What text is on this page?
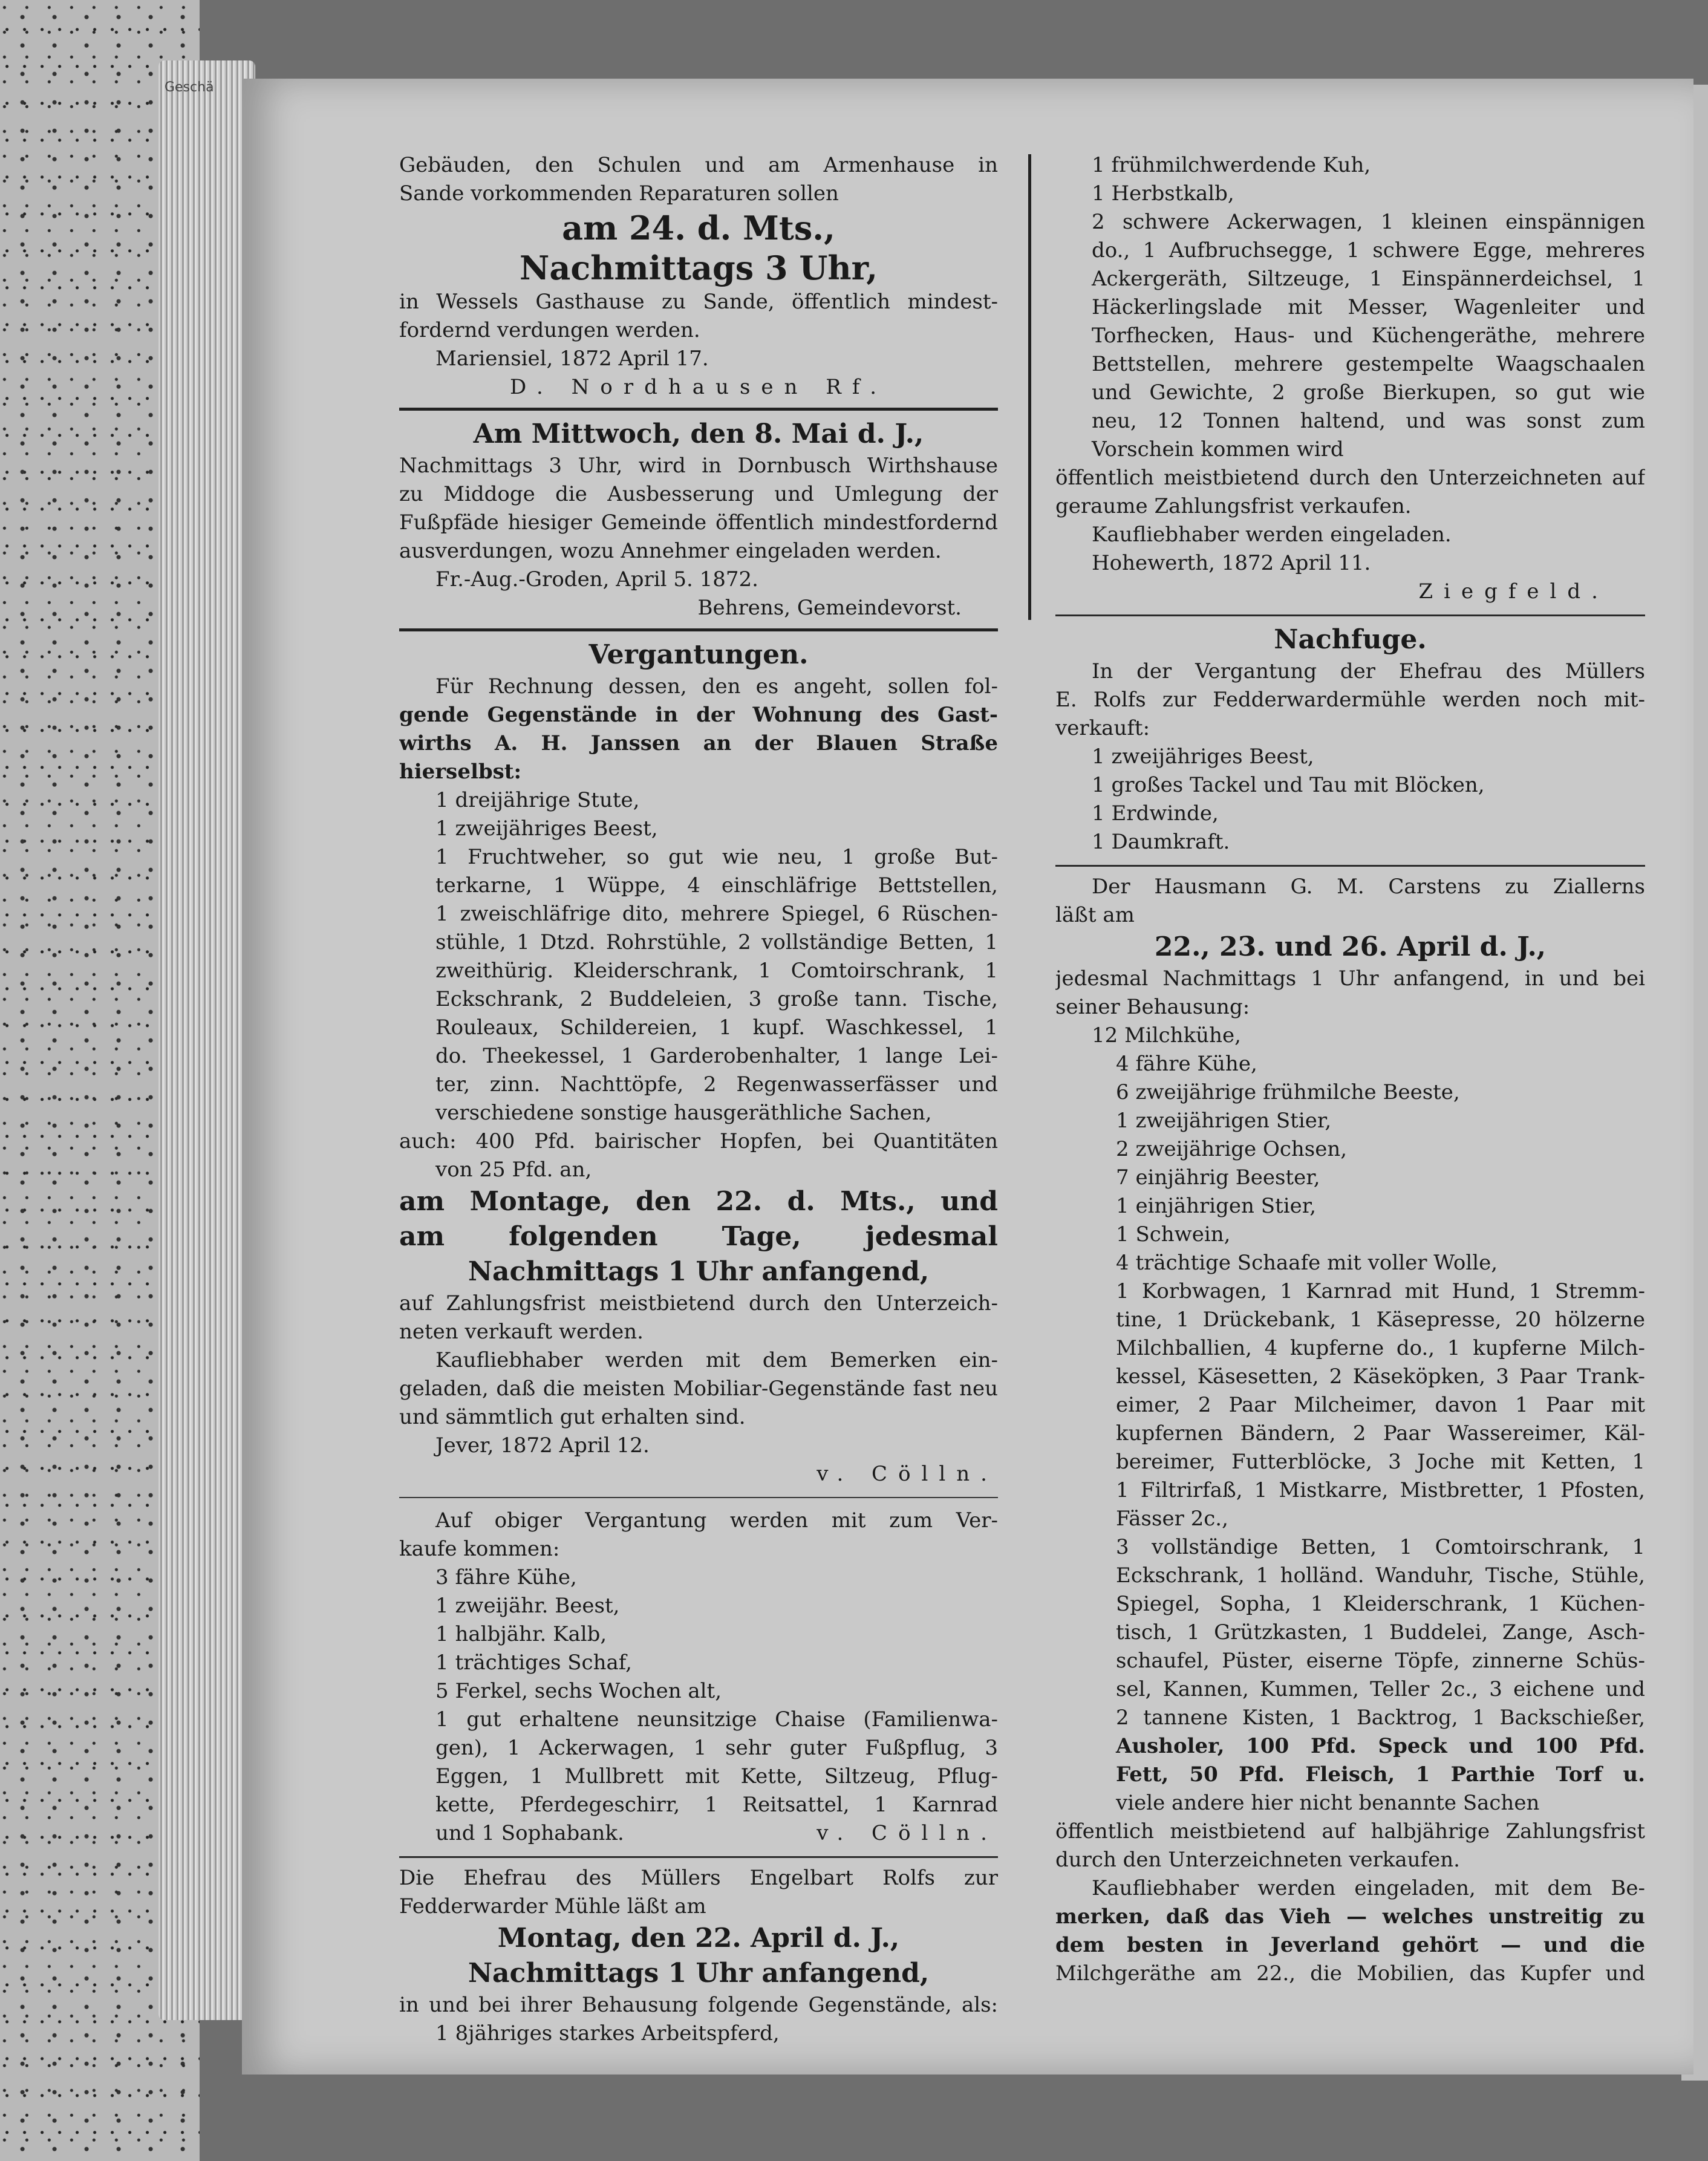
Geschä
Gebäuden, den Schulen und am Armenhause in
Sande vorkommenden Reparaturen sollen
am 24. d. Mts.,
Nachmittags 3 Uhr,
in Wessels Gasthause zu Sande, öffentlich mindest-
fordernd verdungen werden.
Mariensiel, 1872 April 17.
D. Nordhausen Rf.
Am Mittwoch, den 8. Mai d. J.,
Nachmittags 3 Uhr, wird in Dornbusch Wirthshause
zu Middoge die Ausbesserung und Umlegung der
Fußpfäde hiesiger Gemeinde öffentlich mindestfordernd
ausverdungen, wozu Annehmer eingeladen werden.
Fr.-Aug.-Groden, April 5. 1872.
Behrens, Gemeindevorst.
Vergantungen.
Für Rechnung dessen, den es angeht, sollen fol-
gende Gegenstände in der Wohnung des Gast-
wirths A. H. Janssen an der Blauen Straße
hierselbst:
1 dreijährige Stute,
1 zweijähriges Beest,
1 Fruchtweher, so gut wie neu, 1 große But-
terkarne, 1 Wüppe, 4 einschläfrige Bettstellen,
1 zweischläfrige dito, mehrere Spiegel, 6 Rüschen-
stühle, 1 Dtzd. Rohrstühle, 2 vollständige Betten, 1
zweithürig. Kleiderschrank, 1 Comtoirschrank, 1
Eckschrank, 2 Buddeleien, 3 große tann. Tische,
Rouleaux, Schildereien, 1 kupf. Waschkessel, 1
do. Theekessel, 1 Garderobenhalter, 1 lange Lei-
ter, zinn. Nachttöpfe, 2 Regenwasserfässer und
verschiedene sonstige hausgeräthliche Sachen,
auch: 400 Pfd. bairischer Hopfen, bei Quantitäten
von 25 Pfd. an,
am Montage, den 22. d. Mts., und
am folgenden Tage, jedesmal
Nachmittags 1 Uhr anfangend,
auf Zahlungsfrist meistbietend durch den Unterzeich-
neten verkauft werden.
Kaufliebhaber werden mit dem Bemerken ein-
geladen, daß die meisten Mobiliar-Gegenstände fast neu
und sämmtlich gut erhalten sind.
Jever, 1872 April 12.
v. Cölln.
Auf obiger Vergantung werden mit zum Ver-
kaufe kommen:
3 fähre Kühe,
1 zweijähr. Beest,
1 halbjähr. Kalb,
1 trächtiges Schaf,
5 Ferkel, sechs Wochen alt,
1 gut erhaltene neunsitzige Chaise (Familienwa-
gen), 1 Ackerwagen, 1 sehr guter Fußpflug, 3
Eggen, 1 Mullbrett mit Kette, Siltzeug, Pflug-
kette, Pferdegeschirr, 1 Reitsattel, 1 Karnrad
und 1 Sophabank.	v. Cölln.
Die Ehefrau des Müllers Engelbart Rolfs zur
Fedderwarder Mühle läßt am
Montag, den 22. April d. J.,
Nachmittags 1 Uhr anfangend,
in und bei ihrer Behausung folgende Gegenstände, als:
1 8jähriges starkes Arbeitspferd,
1 frühmilchwerdende Kuh,
1 Herbstkalb,
2 schwere Ackerwagen, 1 kleinen einspännigen
do., 1 Aufbruchsegge, 1 schwere Egge, mehreres
Ackergeräth, Siltzeuge, 1 Einspännerdeichsel, 1
Häckerlingslade mit Messer, Wagenleiter und
Torfhecken, Haus- und Küchengeräthe, mehrere
Bettstellen, mehrere gestempelte Waagschaalen
und Gewichte, 2 große Bierkupen, so gut wie
neu, 12 Tonnen haltend, und was sonst zum
Vorschein kommen wird
öffentlich meistbietend durch den Unterzeichneten auf
geraume Zahlungsfrist verkaufen.
Kaufliebhaber werden eingeladen.
Hohewerth, 1872 April 11.
Ziegfeld.
Nachfuge.
In der Vergantung der Ehefrau des Müllers
E. Rolfs zur Fedderwardermühle werden noch mit-
verkauft:
1 zweijähriges Beest,
1 großes Tackel und Tau mit Blöcken,
1 Erdwinde,
1 Daumkraft.
Der Hausmann G. M. Carstens zu Ziallerns
läßt am
22., 23. und 26. April d. J.,
jedesmal Nachmittags 1 Uhr anfangend, in und bei
seiner Behausung:
12 Milchkühe,
4 fähre Kühe,
6 zweijährige frühmilche Beeste,
1 zweijährigen Stier,
2 zweijährige Ochsen,
7 einjährig Beester,
1 einjährigen Stier,
1 Schwein,
4 trächtige Schaafe mit voller Wolle,
1 Korbwagen, 1 Karnrad mit Hund, 1 Stremm-
tine, 1 Drückebank, 1 Käsepresse, 20 hölzerne
Milchballien, 4 kupferne do., 1 kupferne Milch-
kessel, Käsesetten, 2 Käseköpken, 3 Paar Trank-
eimer, 2 Paar Milcheimer, davon 1 Paar mit
kupfernen Bändern, 2 Paar Wassereimer, Käl-
bereimer, Futterblöcke, 3 Joche mit Ketten, 1
1 Filtrirfaß, 1 Mistkarre, Mistbretter, 1 Pfosten,
Fässer 2c.,
3 vollständige Betten, 1 Comtoirschrank, 1
Eckschrank, 1 holländ. Wanduhr, Tische, Stühle,
Spiegel, Sopha, 1 Kleiderschrank, 1 Küchen-
tisch, 1 Grützkasten, 1 Buddelei, Zange, Asch-
schaufel, Püster, eiserne Töpfe, zinnerne Schüs-
sel, Kannen, Kummen, Teller 2c., 3 eichene und
2 tannene Kisten, 1 Backtrog, 1 Backschießer,
Ausholer, 100 Pfd. Speck und 100 Pfd.
Fett, 50 Pfd. Fleisch, 1 Parthie Torf u.
viele andere hier nicht benannte Sachen
öffentlich meistbietend auf halbjährige Zahlungsfrist
durch den Unterzeichneten verkaufen.
Kaufliebhaber werden eingeladen, mit dem Be-
merken, daß das Vieh — welches unstreitig zu
dem besten in Jeverland gehört — und die
Milchgeräthe am 22., die Mobilien, das Kupfer und
